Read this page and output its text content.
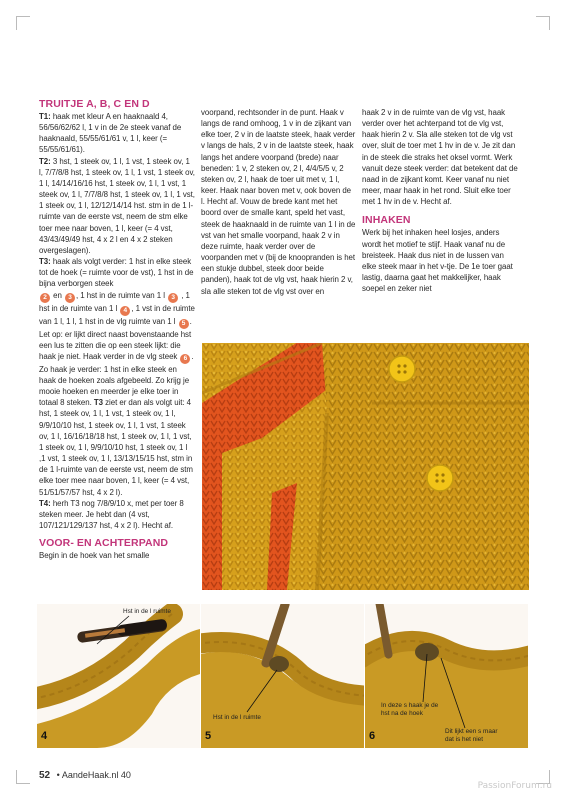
TRUITJE A, B, C EN D

T1: haak met kleur A en haaknaald 4, 56/56/62/62 l, 1 v in de 2e steek vanaf de haaknaald, 55/55/61/61 v, 1 l, keer (= 55/55/61/61).

T2: 3 hst, 1 steek ov, 1 l, 1 vst, 1 steek ov, 1 l, 7/7/8/8 hst, 1 steek ov, 1 l, 1 vst, 1 steek ov, 1 l, 14/14/16/16 hst, 1 steek ov, 1 l, 1 vst, 1 steek ov, 1 l, 7/7/8/8 hst, 1 steek ov, 1 l, 1 vst, 1 steek ov, 1 l, 12/12/14/14 hst. stm in de 1 l-ruimte van de eerste vst, neem de stm elke toer mee naar boven, 1 l, keer (= 4 vst, 43/43/49/49 hst, 4 x 2 l en 4 x 2 steken overgeslagen).

T3: haak als volgt verder: 1 hst in elke steek tot de hoek (= ruimte voor de vst), 1 hst in de bijna verborgen steek
2 en 3 , 1 hst in de ruimte van 1 l 3 , 1 hst in de ruimte van 1 l 4 , 1 vst in de ruimte van 1 l, 1 l, 1 hst in de vlg ruimte van 1 l 5 . Let op: er lijkt direct naast bovenstaande hst een lus te zitten die op een steek lijkt: die haak je niet. Haak verder in de vlg steek 6 . Zo haak je verder: 1 hst in elke steek en haak de hoeken zoals afgebeeld. Zo krijg je mooie hoeken en meerder je elke toer in totaal 8 steken. T3 ziet er dan als volgt uit: 4 hst, 1 steek ov, 1 l, 1 vst, 1 steek ov, 1 l, 9/9/10/10 hst, 1 steek ov, 1 l, 1 vst, 1 steek ov, 1 l, 16/16/18/18 hst, 1 steek ov, 1 l, 1 vst, 1 steek ov, 1 l, 9/9/10/10 hst, 1 steek ov, 1 l ,1 vst, 1 steek ov, 1 l, 13/13/15/15 hst, stm in de 1 l-ruimte van de eerste vst, neem de stm elke toer mee naar boven, 1 l, keer (= 4 vst, 51/51/57/57 hst, 4 x 2 l).

T4: herh T3 nog 7/8/9/10 x, met per toer 8 steken meer. Je hebt dan (4 vst, 107/121/129/137 hst, 4 x 2 l). Hecht af.

VOOR- EN ACHTERPAND

Begin in de hoek van het smalle

voorpand, rechtsonder in de punt. Haak v langs de rand omhoog, 1 v in de zijkant van elke toer, 2 v in de laatste steek, haak verder v langs de hals, 2 v in de laatste steek, haak langs het andere voorpand (brede) naar beneden: 1 v, 2 steken ov, 2 l, 4/4/5/5 v, 2 steken ov, 2 l, haak de toer uit met v, 1 l, keer. Haak naar boven met v, ook boven de l. Hecht af. Vouw de brede kant met het boord over de smalle kant, speld het vast, steek de haaknaald in de ruimte van 1 l in de vst van het smalle voorpand, haak 2 v in deze ruimte, haak verder over de voorpanden met v (bij de knoopranden is het een stukje dubbel, steek door beide panden), haak tot de vlg vst, haak hierin 2 v, sla alle steken tot de vlg vst over en

haak 2 v in de ruimte van de vlg vst, haak verder over het achterpand tot de vlg vst, haak hierin 2 v. Sla alle steken tot de vlg vst over, sluit de toer met 1 hv in de v. Je zit dan in de steek die straks het oksel vormt. Werk vanuit deze steek verder: dat betekent dat de naad in de zijkant komt. Keer vanaf nu niet meer, maar haak in het rond. Sluit elke toer met 1 hv in de v. Hecht af.

INHAKEN

Werk bij het inhaken heel losjes, anders wordt het motief te stijf. Haak vanaf nu de breisteek. Haak dus niet in de lussen van elke steek maar in het v-tje. De 1e toer gaat lastig, daarna gaat het makkelijker, haak soepel en zeker niet

Hst in de l ruimte
4
Hst in de l ruimte
5
In deze s haak je de
hst na de hoek
Dit lijkt een s maar
dat is het niet
6
52 • AandeHaak.nl 40
PassionForum.ru
